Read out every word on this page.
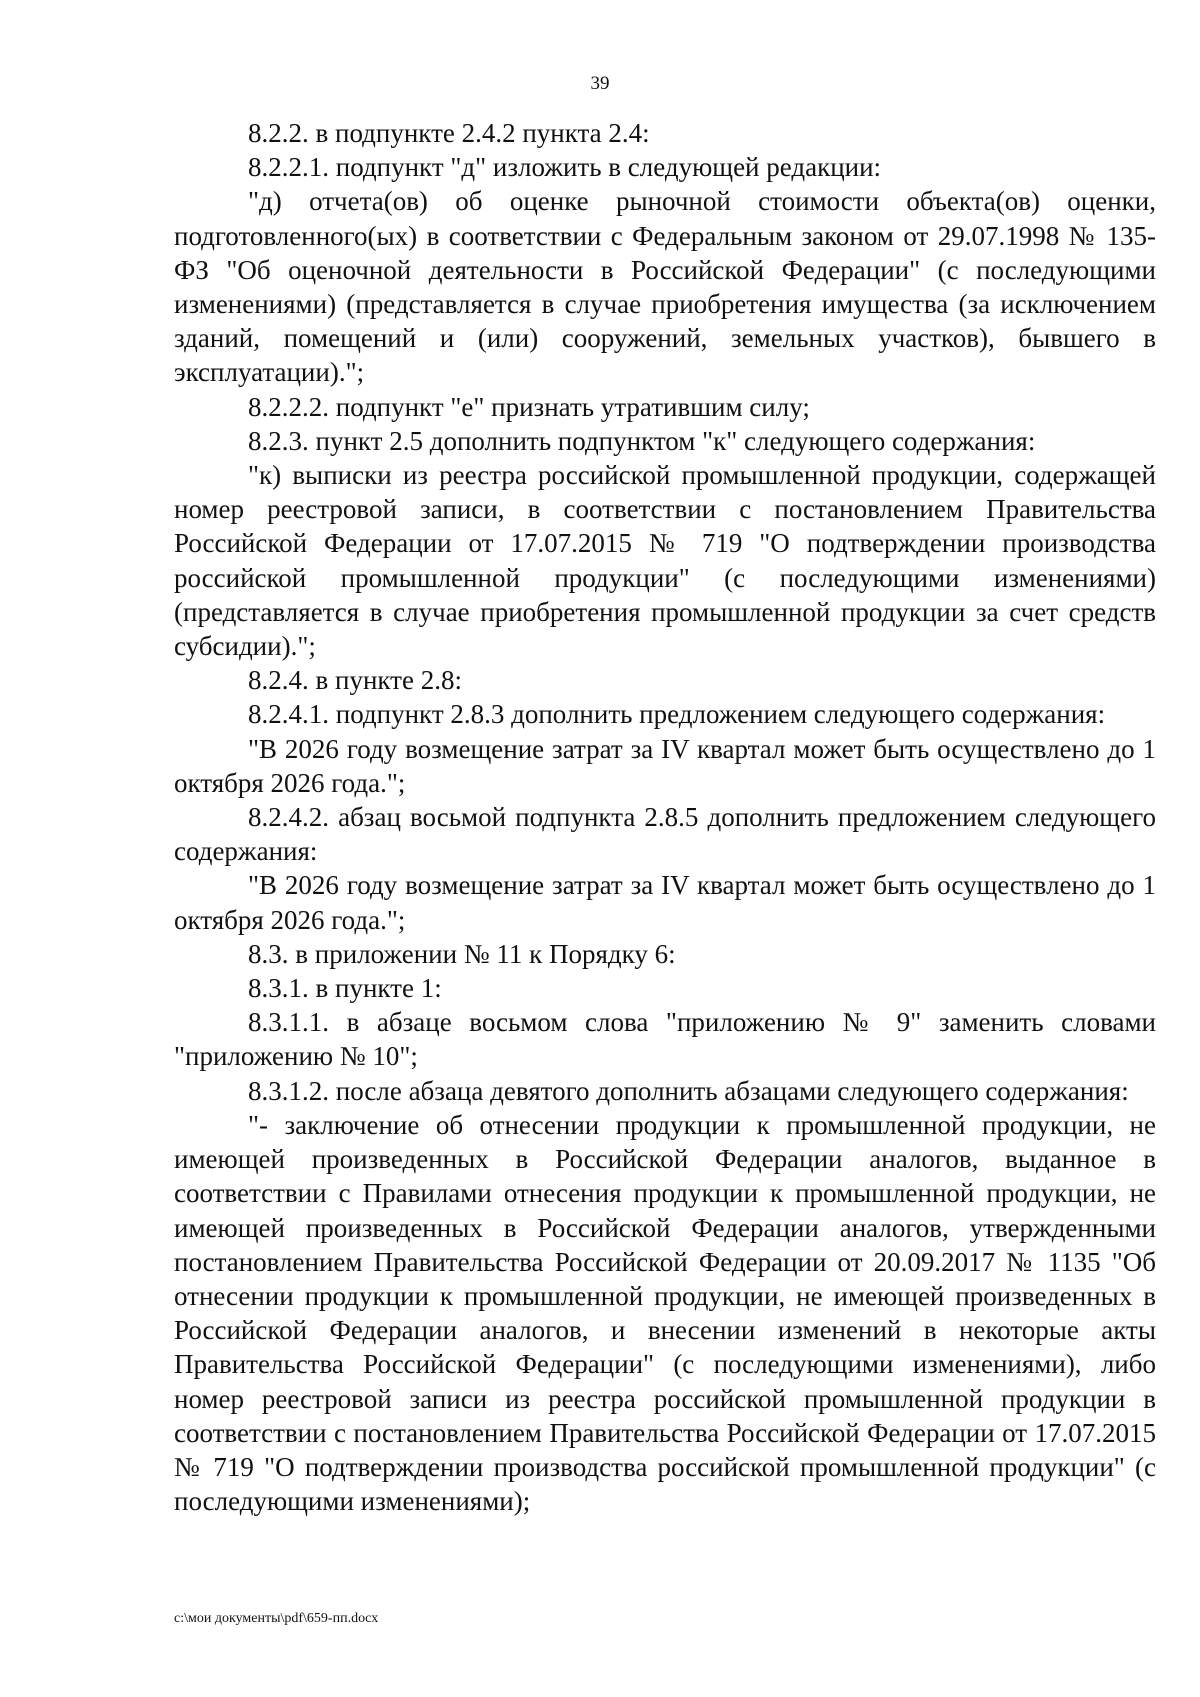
39

8.2.2. в подпункте 2.4.2 пункта 2.4:

8.2.2.1. подпункт "д" изложить в следующей редакции:

"д) отчета(ов) об оценке рыночной стоимости объекта(ов) оценки, подготовленного(ых) в соответствии с Федеральным законом от 29.07.1998 № 135-ФЗ "Об оценочной деятельности в Российской Федерации" (с последующими изменениями) (представляется в случае приобретения имущества (за исключением зданий, помещений и (или) сооружений, земельных участков), бывшего в эксплуатации).";

8.2.2.2. подпункт "е" признать утратившим силу;

8.2.3. пункт 2.5 дополнить подпунктом "к" следующего содержания:

"к) выписки из реестра российской промышленной продукции, содержащей номер реестровой записи, в соответствии с постановлением Правительства Российской Федерации от 17.07.2015 № 719 "О подтверждении производства российской промышленной продукции" (с последующими изменениями) (представляется в случае приобретения промышленной продукции за счет средств субсидии).";

8.2.4. в пункте 2.8:

8.2.4.1. подпункт 2.8.3 дополнить предложением следующего содержания:

"В 2026 году возмещение затрат за IV квартал может быть осуществлено до 1 октября 2026 года.";

8.2.4.2. абзац восьмой подпункта 2.8.5 дополнить предложением следующего содержания:

"В 2026 году возмещение затрат за IV квартал может быть осуществлено до 1 октября 2026 года.";

8.3. в приложении № 11 к Порядку 6:

8.3.1. в пункте 1:

8.3.1.1. в абзаце восьмом слова "приложению № 9" заменить словами "приложению № 10";

8.3.1.2. после абзаца девятого дополнить абзацами следующего содержания:

"- заключение об отнесении продукции к промышленной продукции, не имеющей произведенных в Российской Федерации аналогов, выданное в соответствии с Правилами отнесения продукции к промышленной продукции, не имеющей произведенных в Российской Федерации аналогов, утвержденными постановлением Правительства Российской Федерации от 20.09.2017 № 1135 "Об отнесении продукции к промышленной продукции, не имеющей произведенных в Российской Федерации аналогов, и внесении изменений в некоторые акты Правительства Российской Федерации" (с последующими изменениями), либо номер реестровой записи из реестра российской промышленной продукции в соответствии с постановлением Правительства Российской Федерации от 17.07.2015 № 719 "О подтверждении производства российской промышленной продукции" (с последующими изменениями);

c:\мои документы\pdf\659-пп.docx
